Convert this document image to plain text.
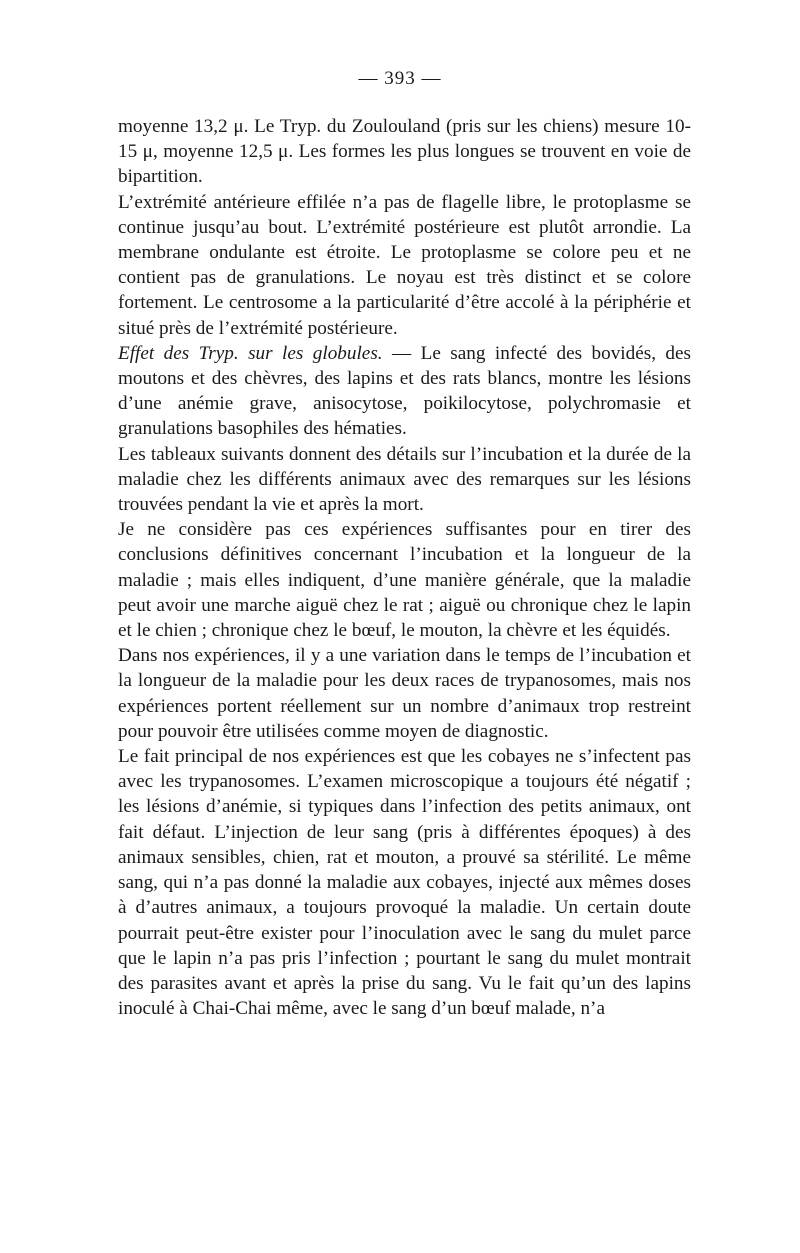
— 393 —

moyenne 13,2 μ. Le Tryp. du Zoulouland (pris sur les chiens) mesure 10-15 μ, moyenne 12,5 μ. Les formes les plus longues se trouvent en voie de bipartition.

L’extrémité antérieure effilée n’a pas de flagelle libre, le protoplasme se continue jusqu’au bout. L’extrémité postérieure est plutôt arrondie. La membrane ondulante est étroite. Le protoplasme se colore peu et ne contient pas de granulations. Le noyau est très distinct et se colore fortement. Le centrosome a la particularité d’être accolé à la périphérie et situé près de l’extrémité postérieure.

Effet des Tryp. sur les globules. — Le sang infecté des bovidés, des moutons et des chèvres, des lapins et des rats blancs, montre les lésions d’une anémie grave, anisocytose, poikilocytose, polychromasie et granulations basophiles des hématies.

Les tableaux suivants donnent des détails sur l’incubation et la durée de la maladie chez les différents animaux avec des remarques sur les lésions trouvées pendant la vie et après la mort.

Je ne considère pas ces expériences suffisantes pour en tirer des conclusions définitives concernant l’incubation et la longueur de la maladie ; mais elles indiquent, d’une manière générale, que la maladie peut avoir une marche aiguë chez le rat ; aiguë ou chronique chez le lapin et le chien ; chronique chez le bœuf, le mouton, la chèvre et les équidés.

Dans nos expériences, il y a une variation dans le temps de l’incubation et la longueur de la maladie pour les deux races de trypanosomes, mais nos expériences portent réellement sur un nombre d’animaux trop restreint pour pouvoir être utilisées comme moyen de diagnostic.

Le fait principal de nos expériences est que les cobayes ne s’infectent pas avec les trypanosomes. L’examen microscopique a toujours été négatif ; les lésions d’anémie, si typiques dans l’infection des petits animaux, ont fait défaut. L’injection de leur sang (pris à différentes époques) à des animaux sensibles, chien, rat et mouton, a prouvé sa stérilité. Le même sang, qui n’a pas donné la maladie aux cobayes, injecté aux mêmes doses à d’autres animaux, a toujours provoqué la maladie. Un certain doute pourrait peut-être exister pour l’inoculation avec le sang du mulet parce que le lapin n’a pas pris l’infection ; pourtant le sang du mulet montrait des parasites avant et après la prise du sang. Vu le fait qu’un des lapins inoculé à Chai-Chai même, avec le sang d’un bœuf malade, n’a
